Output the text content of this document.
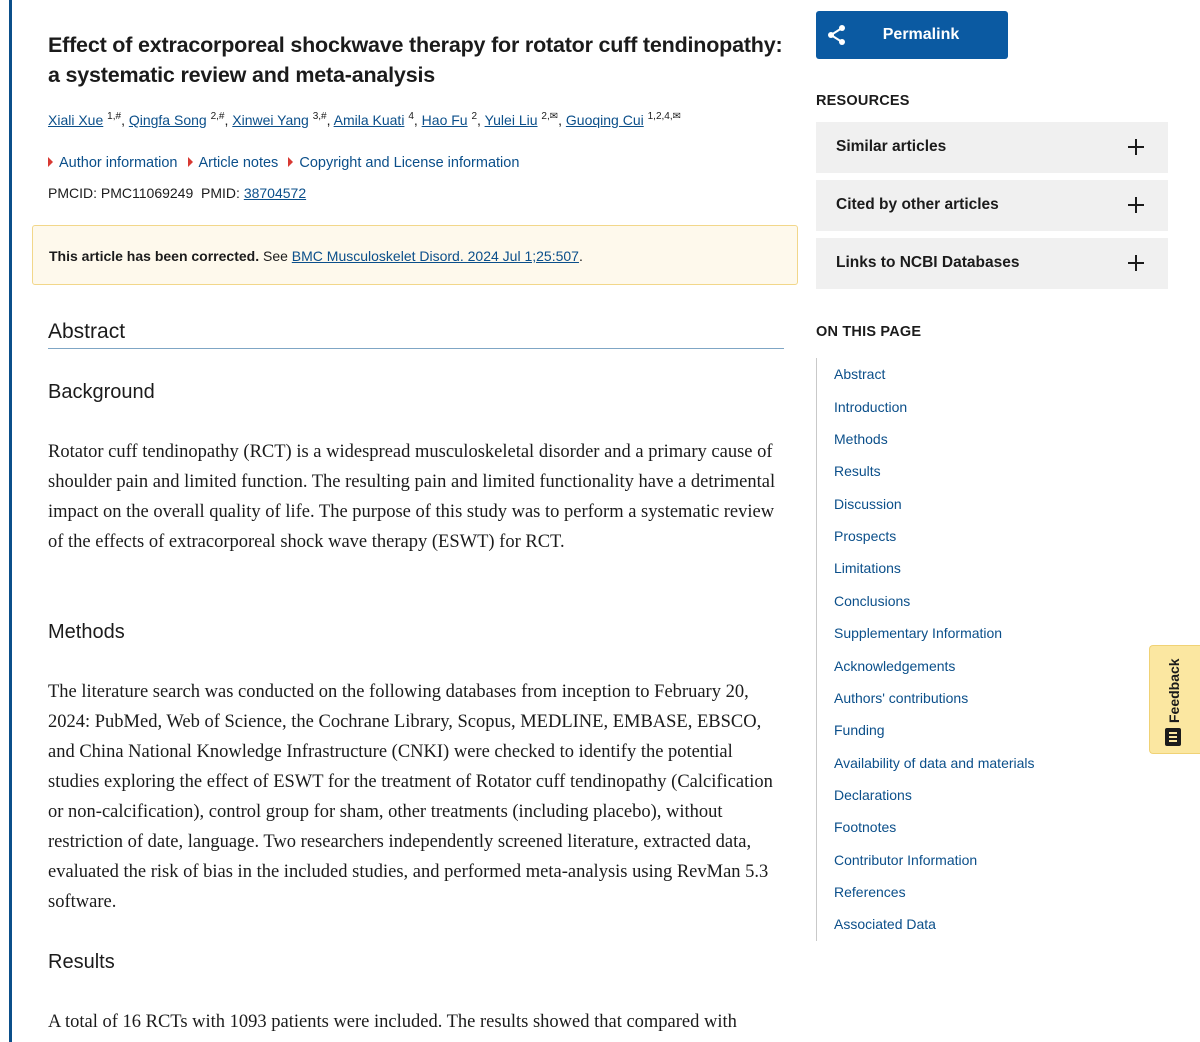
Effect of extracorporeal shockwave therapy for rotator cuff tendinopathy: a systematic review and meta-analysis
Xiali Xue $^{1,\#}$, Qingfa Song $^{2,\#}$, Xinwei Yang $^{3,\#}$, Amila Kuati $^4$, Hao Fu $^2$, Yulei Liu $^{2,✉}$, Guoqing Cui $^{1,2,4,✉}$
Author information Article notes Copyright and License information
PMCID: PMC11069249 PMID: 38704572
This article has been corrected. See BMC Musculoskelet Disord. 2024 Jul 1;25:507.
Abstract
Background
Rotator cuff tendinopathy (RCT) is a widespread musculoskeletal disorder and a primary cause of shoulder pain and limited function. The resulting pain and limited functionality have a detrimental impact on the overall quality of life. The purpose of this study was to perform a systematic review of the effects of extracorporeal shock wave therapy (ESWT) for RCT.
Methods
The literature search was conducted on the following databases from inception to February 20, 2024: PubMed, Web of Science, the Cochrane Library, Scopus, MEDLINE, EMBASE, EBSCO, and China National Knowledge Infrastructure (CNKI) were checked to identify the potential studies exploring the effect of ESWT for the treatment of Rotator cuff tendinopathy (Calcification or non-calcification), control group for sham, other treatments (including placebo), without restriction of date, language. Two researchers independently screened literature, extracted data, evaluated the risk of bias in the included studies, and performed meta-analysis using RevMan 5.3 software.
Results
A total of 16 RCTs with 1093 patients were included. The results showed that compared with
Permalink
RESOURCES
Similar articles
Cited by other articles
Links to NCBI Databases
ON THIS PAGE
Abstract
Introduction
Methods
Results
Discussion
Prospects
Limitations
Conclusions
Supplementary Information
Acknowledgements
Authors' contributions
Funding
Availability of data and materials
Declarations
Footnotes
Contributor Information
References
Associated Data
Feedback
